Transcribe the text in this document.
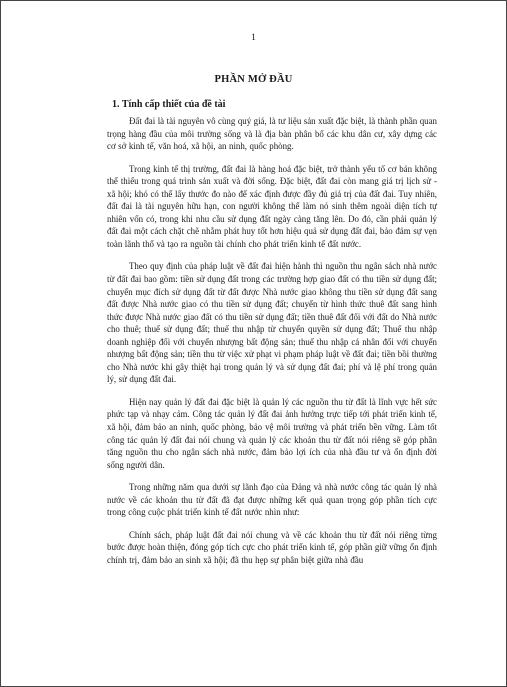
1
PHẦN MỞ ĐẦU
1. Tính cấp thiết của đề tài

Đất đai là tài nguyên vô cùng quý giá, là tư liệu sản xuất đặc biệt, là thành phần quan trọng hàng đầu của môi trường sống và là địa bàn phân bổ các khu dân cư, xây dựng các cơ sở kinh tế, văn hoá, xã hội, an ninh, quốc phòng.

Trong kinh tế thị trường, đất đai là hàng hoá đặc biệt, trở thành yếu tố cơ bản không thể thiếu trong quá trình sản xuất và đời sống. Đặc biệt, đất đai còn mang giá trị lịch sử - xã hội; khó có thể lấy thước đo nào để xác định được đầy đủ giá trị của đất đai. Tuy nhiên, đất đai là tài nguyên hữu hạn, con người không thể làm nó sinh thêm ngoài diện tích tự nhiên vốn có, trong khi nhu cầu sử dụng đất ngày càng tăng lên. Do đó, cần phải quản lý đất đai một cách chặt chẽ nhằm phát huy tốt hơn hiệu quả sử dụng đất đai, bảo đảm sự vẹn toàn lãnh thổ và tạo ra nguồn tài chính cho phát triển kinh tế đất nước.

Theo quy định của pháp luật về đất đai hiện hành thì nguồn thu ngân sách nhà nước từ đất đai bao gồm: tiền sử dụng đất trong các trường hợp giao đất có thu tiền sử dụng đất; chuyển mục đích sử dụng đất từ đất được Nhà nước giao không thu tiền sử dụng đất sang đất được Nhà nước giao có thu tiền sử dụng đất; chuyển từ hình thức thuê đất sang hình thức được Nhà nước giao đất có thu tiền sử dụng đất; tiền thuê đất đối với đất do Nhà nước cho thuê; thuế sử dụng đất; thuế thu nhập từ chuyển quyền sử dụng đất; Thuế thu nhập doanh nghiệp đối với chuyển nhượng bất động sản; thuế thu nhập cá nhân đối với chuyển nhượng bất động sản; tiền thu từ việc xử phạt vi phạm pháp luật về đất đai; tiền bồi thường cho Nhà nước khi gây thiệt hại trong quản lý và sử dụng đất đai; phí và lệ phí trong quản lý, sử dụng đất đai.

Hiện nay quản lý đất đai đặc biệt là quản lý các nguồn thu từ đất là lĩnh vực hết sức phức tạp và nhạy cảm. Công tác quản lý đất đai ảnh hưởng trực tiếp tới phát triển kinh tế, xã hội, đảm bảo an ninh, quốc phòng, bảo vệ môi trường và phát triển bền vững. Làm tốt công tác quản lý đất đai nói chung và quản lý các khoản thu từ đất nói riêng sẽ góp phần tăng nguồn thu cho ngân sách nhà nước, đảm bảo lợi ích của nhà đầu tư và ổn định đời sống người dân.

Trong những năm qua dưới sự lãnh đạo của Đảng và nhà nước công tác quản lý nhà nước về các khoản thu từ đất đã đạt được những kết quả quan trọng góp phần tích cực trong công cuộc phát triển kinh tế đất nước nhìn như:

Chính sách, pháp luật đất đai nói chung và về các khoản thu từ đất nói riêng từng bước được hoàn thiện, đóng góp tích cực cho phát triển kinh tế, góp phần giữ vững ổn định chính trị, đảm bảo an sinh xã hội; đã thu hẹp sự phân biệt giữa nhà đầu
